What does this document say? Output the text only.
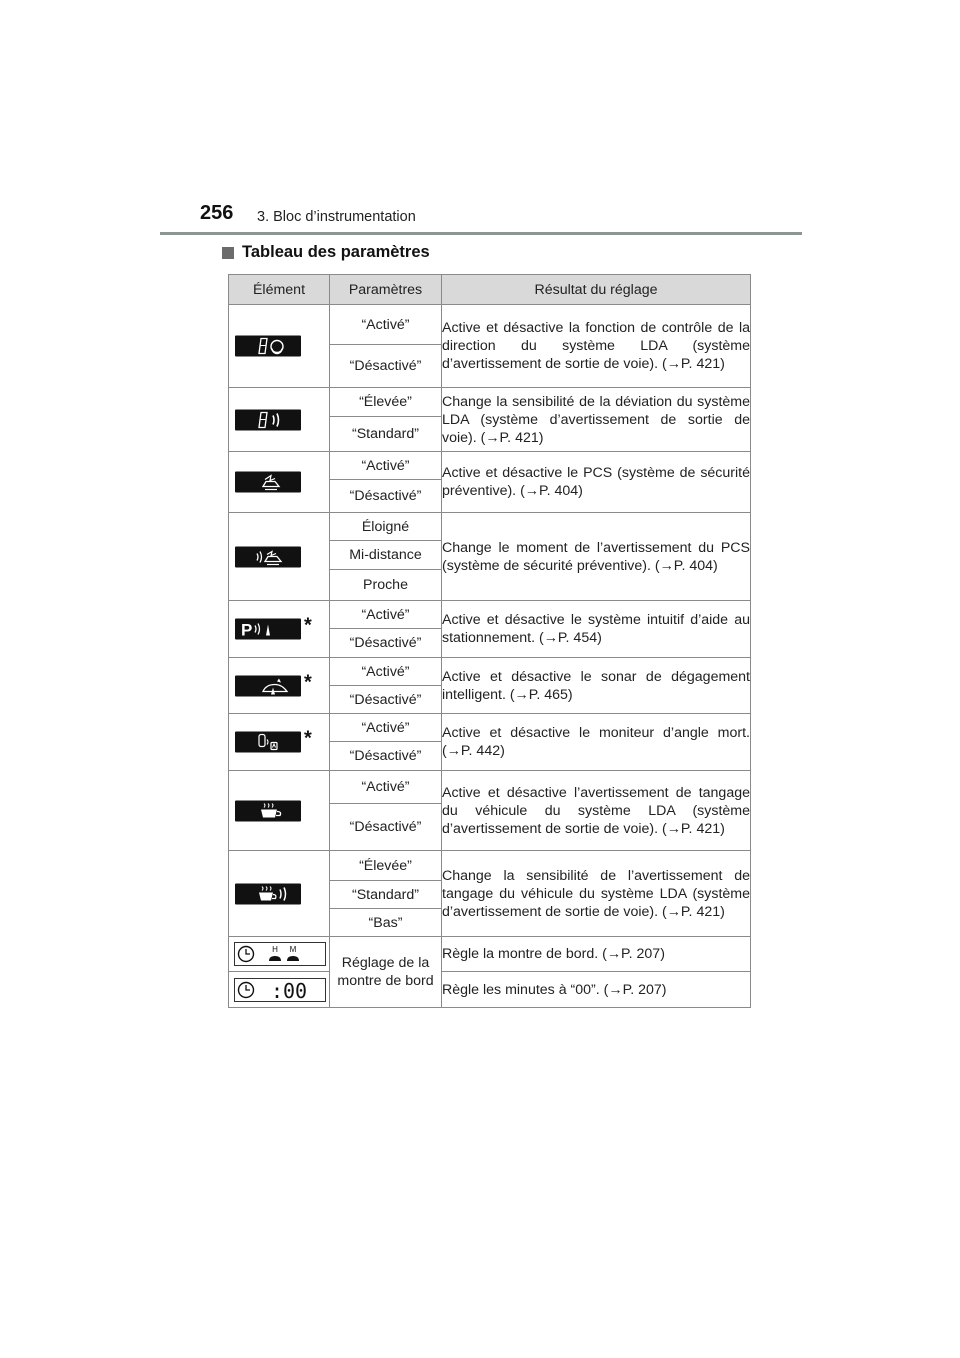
256 3. Bloc d’instrumentation
Tableau des paramètres
Élément	Paramètres	Résultat du réglage

	“Activé”	Active et désactive la fonction de contrôle de la direction du système LDA (système d’avertissement de sortie de voie). (→P. 421)
	“Désactivé”	

	“Élevée”	Change la sensibilité de la déviation du système LDA (système d’avertissement de sortie de voie). (→P. 421)
	“Standard”	

	“Activé”	Active et désactive le PCS (système de sécurité préventive). (→P. 404)
	“Désactivé”	

	Éloigné	Change le moment de l’avertissement du PCS (système de sécurité préventive). (→P. 404)
	Mi-distance	
	Proche	

P *	“Activé”	Active et désactive le système intuitif d’aide au stationnement. (→P. 454)
	“Désactivé”	

*	“Activé”	Active et désactive le sonar de dégagement intelligent. (→P. 465)
	“Désactivé”	

*	“Activé”	Active et désactive le moniteur d’angle mort. (→P. 442)
	“Désactivé”	

	“Activé”	Active et désactive l’avertissement de tangage du véhicule du système LDA (système d’avertissement de sortie de voie). (→P. 421)
	“Désactivé”	

	“Élevée”	Change la sensibilité de l’avertissement de tangage du véhicule du système LDA (système d’avertissement de sortie de voie). (→P. 421)
	“Standard”	
	“Bas”	

H M	Réglage de la montre de bord	Règle la montre de bord. (→P. 207)

:00		Règle les minutes à “00”. (→P. 207)
